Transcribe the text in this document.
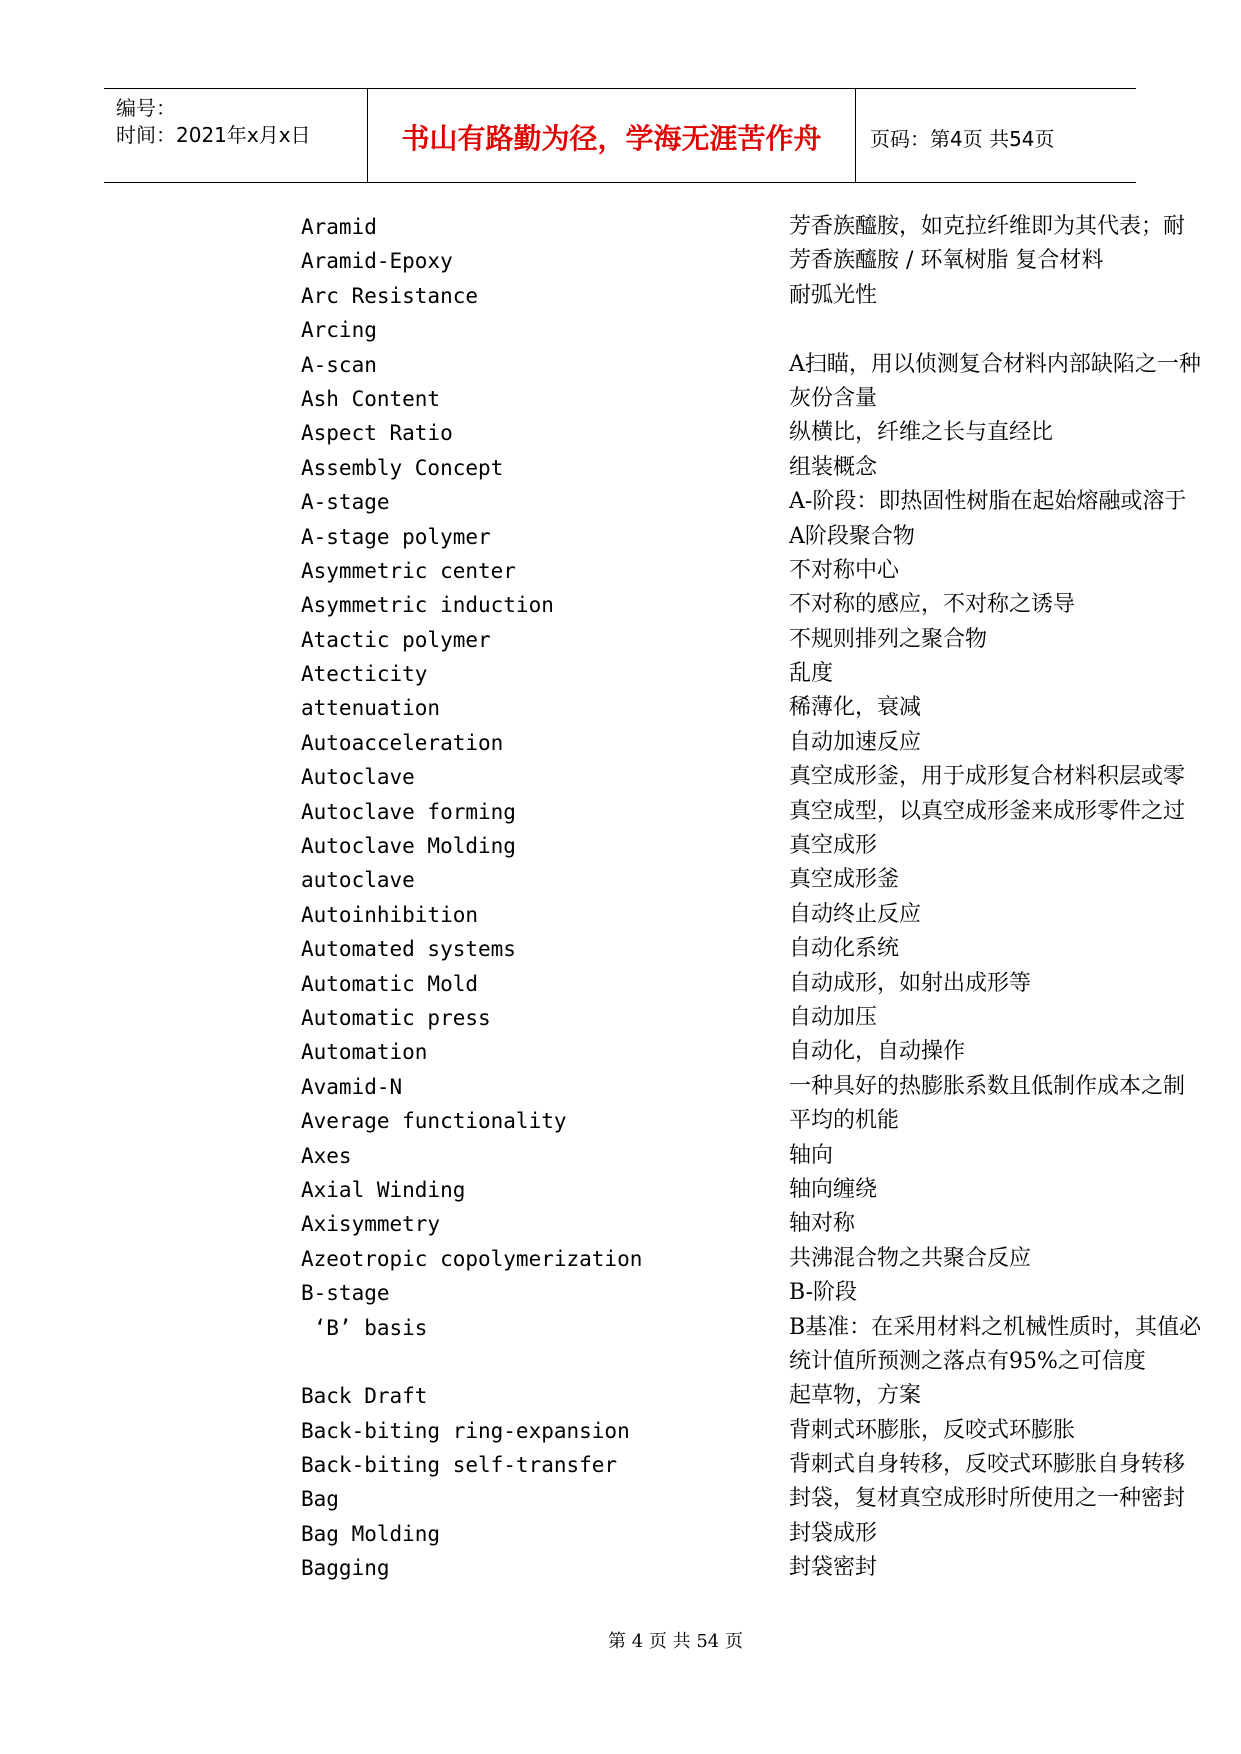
编号：
时间：2021年x月x日	书山有路勤为径，学海无涯苦作舟	页码：第4页 共54页
Aramid	芳香族醯胺，如克拉纤维即为其代表；耐
Aramid-Epoxy	芳香族醯胺 / 环氧树脂 复合材料
Arc Resistance	耐弧光性
Arcing
A-scan	A扫瞄，用以侦测复合材料内部缺陷之一种
Ash Content	灰份含量
Aspect Ratio	纵横比，纤维之长与直经比
Assembly Concept	组装概念
A-stage	A-阶段：即热固性树脂在起始熔融或溶于
A-stage polymer	A阶段聚合物
Asymmetric center	不对称中心
Asymmetric induction	不对称的感应，不对称之诱导
Atactic polymer	不规则排列之聚合物
Atecticity	乱度
attenuation	稀薄化，衰减
Autoacceleration	自动加速反应
Autoclave	真空成形釜，用于成形复合材料积层或零
Autoclave forming	真空成型，以真空成形釜来成形零件之过
Autoclave Molding	真空成形
autoclave	真空成形釜
Autoinhibition	自动终止反应
Automated systems	自动化系统
Automatic Mold	自动成形，如射出成形等
Automatic press	自动加压
Automation	自动化，自动操作
Avamid-N	一种具好的热膨胀系数且低制作成本之制
Average functionality	平均的机能
Axes	轴向
Axial Winding	轴向缠绕
Axisymmetry	轴对称
Azeotropic copolymerization	共沸混合物之共聚合反应
B-stage	B-阶段
‘B’ basis	B基准：在采用材料之机械性质时，其值必
统计值所预测之落点有95%之可信度
Back Draft	起草物，方案
Back-biting ring-expansion	背刺式环膨胀，反咬式环膨胀
Back-biting self-transfer	背刺式自身转移，反咬式环膨胀自身转移
Bag	封袋，复材真空成形时所使用之一种密封
Bag Molding	封袋成形
Bagging	封袋密封
第 4 页 共 54 页
